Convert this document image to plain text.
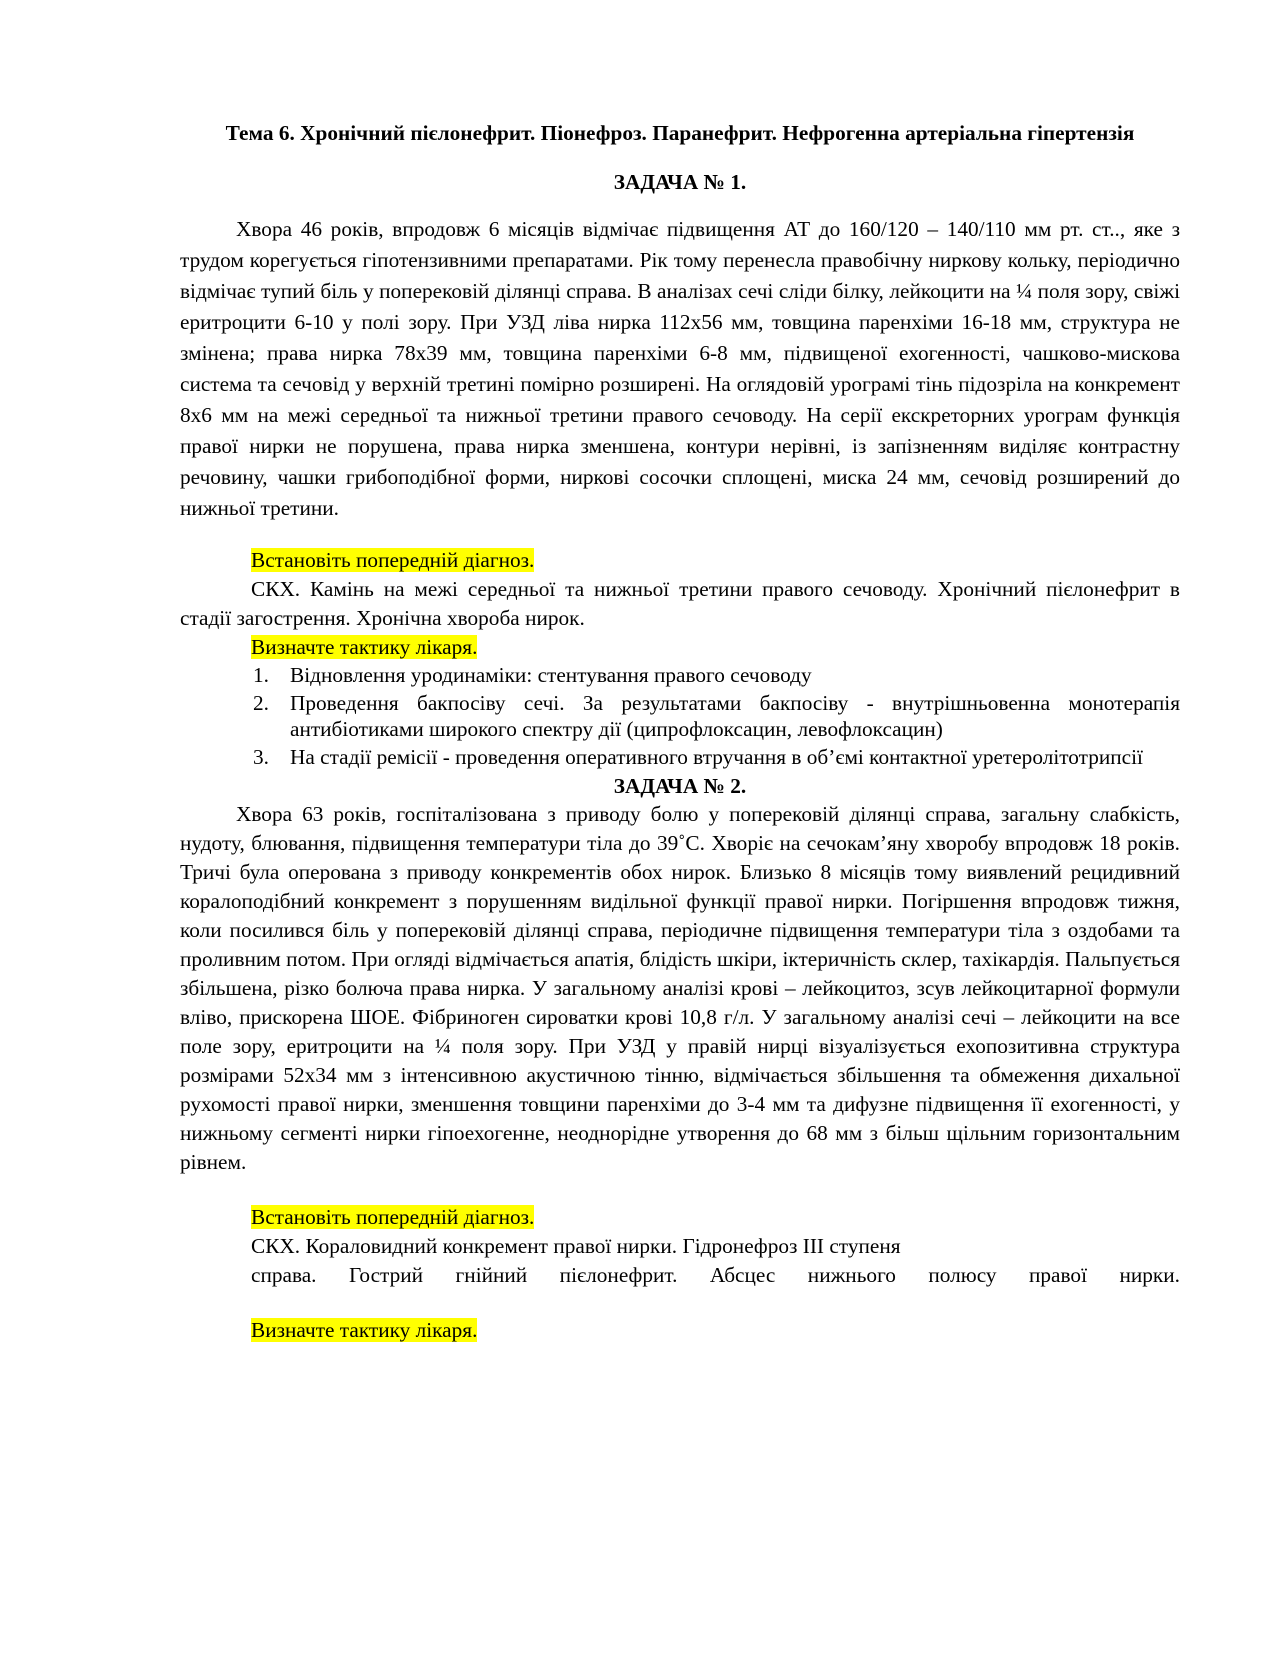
Тема 6. Хронічний пієлонефрит. Піонефроз. Паранефрит. Нефрогенна артеріальна гіпертензія

ЗАДАЧА № 1.

Хвора 46 років, впродовж 6 місяців відмічає підвищення АТ до 160/120 – 140/110 мм рт. ст.., яке з трудом корегується гіпотензивними препаратами. Рік тому перенесла правобічну ниркову кольку, періодично відмічає тупий біль у поперековій ділянці справа. В аналізах сечі сліди білку, лейкоцити на ¼ поля зору, свіжі еритроцити 6-10 у полі зору. При УЗД ліва нирка 112х56 мм, товщина паренхіми 16-18 мм, структура не змінена; права нирка 78х39 мм, товщина паренхіми 6-8 мм, підвищеної ехогенності, чашково-мискова система та сечовід у верхній третині помірно розширені. На оглядовій урограмі тінь підозріла на конкремент 8х6 мм на межі середньої та нижньої третини правого сечоводу. На серії екскреторних урограм функція правої нирки не порушена, права нирка зменшена, контури нерівні, із запізненням виділяє контрастну речовину, чашки грибоподібної форми, ниркові сосочки сплощені, миска 24 мм, сечовід розширений до нижньої третини.

Встановіть попередній діагноз.

СКХ. Камінь на межі середньої та нижньої третини правого сечоводу. Хронічний пієлонефрит в стадії загострення. Хронічна хвороба нирок.

Визначте тактику лікаря.

1. Відновлення уродинаміки: стентування правого сечоводу
2. Проведення бакпосіву сечі. За результатами бакпосіву - внутрішньовенна монотерапія антибіотиками широкого спектру дії (ципрофлоксацин, левофлоксацин)
3. На стадії ремісії - проведення оперативного втручання в об’ємі контактної уретеролітотрипсії

ЗАДАЧА № 2.

Хвора 63 років, госпіталізована з приводу болю у поперековій ділянці справа, загальну слабкість, нудоту, блювання, підвищення температури тіла до 39˚С. Хворіє на сечокам’яну хворобу впродовж 18 років. Тричі була оперована з приводу конкрементів обох нирок. Близько 8 місяців тому виявлений рецидивний коралоподібний конкремент з порушенням видільної функції правої нирки. Погіршення впродовж тижня, коли посилився біль у поперековій ділянці справа, періодичне підвищення температури тіла з оздобами та проливним потом. При огляді відмічається апатія, блідість шкіри, іктеричність склер, тахікардія. Пальпується збільшена, різко болюча права нирка. У загальному аналізі крові – лейкоцитоз, зсув лейкоцитарної формули вліво, прискорена ШОЕ. Фібриноген сироватки крові 10,8 г/л. У загальному аналізі сечі – лейкоцити на все поле зору, еритроцити на ¼ поля зору. При УЗД у правій нирці візуалізується ехопозитивна структура розмірами 52х34 мм з інтенсивною акустичною тінню, відмічається збільшення та обмеження дихальної рухомості правої нирки, зменшення товщини паренхіми до 3-4 мм та дифузне підвищення її ехогенності, у нижньому сегменті нирки гіпоехогенне, неоднорідне утворення до 68 мм з більш щільним горизонтальним рівнем.

Встановіть попередній діагноз.

СКХ. Кораловидний конкремент правої нирки. Гідронефроз ІІІ ступеня

справа. Гострий гнійний пієлонефрит. Абсцес нижнього полюсу правої нирки.

Визначте тактику лікаря.
